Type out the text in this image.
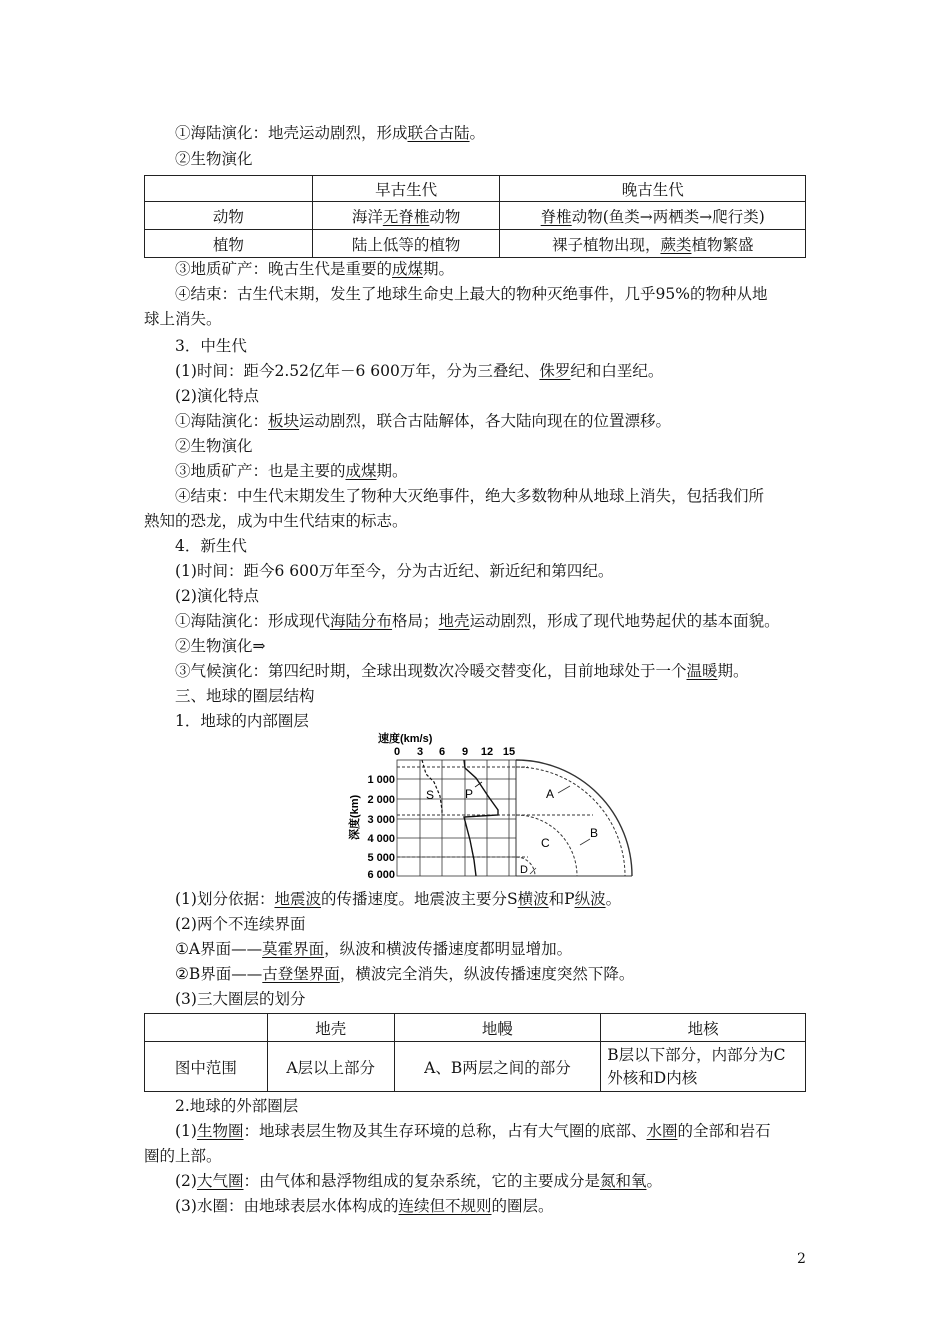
①海陆演化：地壳运动剧烈，形成联合古陆。
②生物演化
	早古生代	晚古生代
动物	海洋无脊椎动物	脊椎动物(鱼类→两栖类→爬行类)
植物	陆上低等的植物	裸子植物出现，蕨类植物繁盛
③地质矿产：晚古生代是重要的成煤期。
④结束：古生代末期，发生了地球生命史上最大的物种灭绝事件，几乎95%的物种从地
球上消失。
3．中生代
(1)时间：距今2.52亿年－6 600万年，分为三叠纪、侏罗纪和白垩纪。
(2)演化特点
①海陆演化：板块运动剧烈，联合古陆解体，各大陆向现在的位置漂移。
②生物演化
③地质矿产：也是主要的成煤期。
④结束：中生代末期发生了物种大灭绝事件，绝大多数物种从地球上消失，包括我们所
熟知的恐龙，成为中生代结束的标志。
4．新生代
(1)时间：距今6 600万年至今，分为古近纪、新近纪和第四纪。
(2)演化特点
①海陆演化：形成现代海陆分布格局；地壳运动剧烈，形成了现代地势起伏的基本面貌。
②生物演化⇒
③气候演化：第四纪时期，全球出现数次冷暖交替变化，目前地球处于一个温暖期。
三、地球的圈层结构
1．地球的内部圈层
速度(km/s)
0 3 6 9 12 15
深度(km)
1 000
2 000
3 000
4 000
5 000
6 000
S	P	A
B
C
D
(1)划分依据：地震波的传播速度。地震波主要分S横波和P纵波。
(2)两个不连续界面
①A界面——莫霍界面，纵波和横波传播速度都明显增加。
②B界面——古登堡界面，横波完全消失，纵波传播速度突然下降。
(3)三大圈层的划分
	地壳	地幔	地核
图中范围	A层以上部分	A、B两层之间的部分	B层以下部分，内部分为C
外核和D内核
2.地球的外部圈层
(1)生物圈：地球表层生物及其生存环境的总称，占有大气圈的底部、水圈的全部和岩石
圈的上部。
(2)大气圈：由气体和悬浮物组成的复杂系统，它的主要成分是氮和氧。
(3)水圈：由地球表层水体构成的连续但不规则的圈层。
2
